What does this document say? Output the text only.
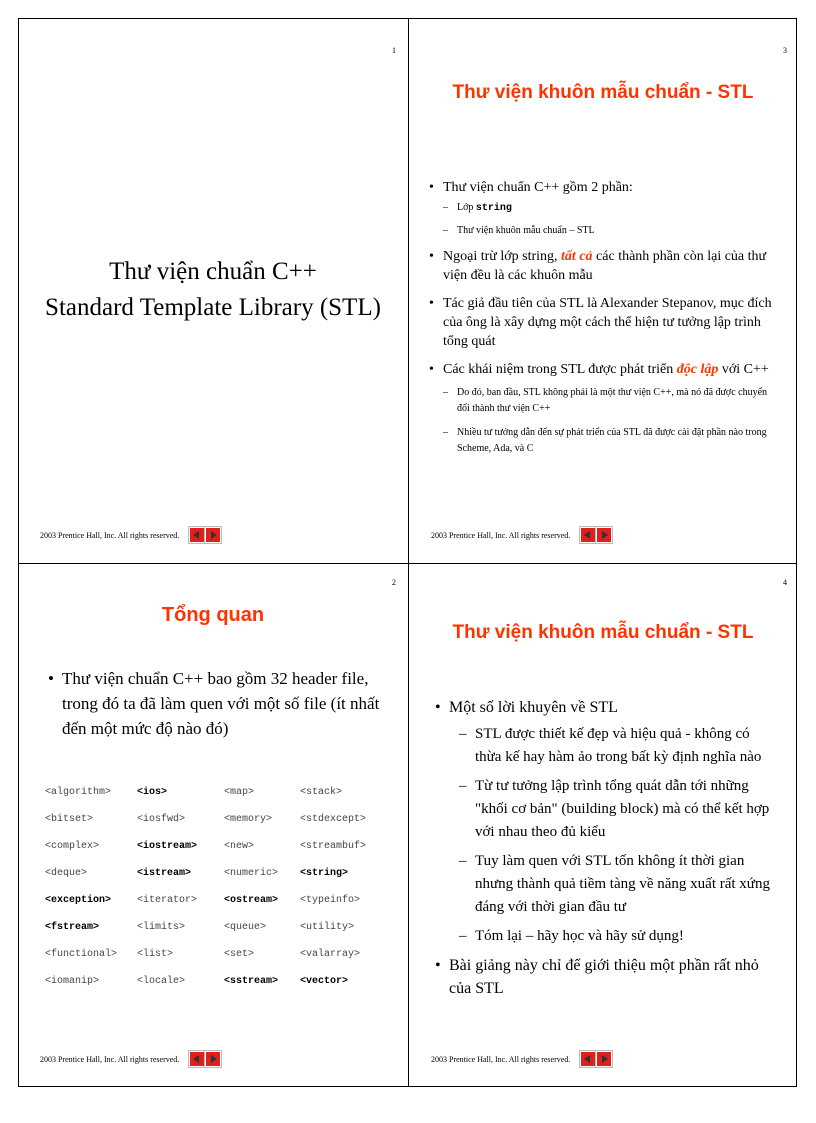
1
Thư viện chuẩn C++
Standard Template Library (STL)
2003 Prentice Hall, Inc. All rights reserved.
3
Thư viện khuôn mẫu chuẩn - STL
• Thư viện chuẩn C++ gồm 2 phần:
– Lớp string
– Thư viện khuôn mẫu chuẩn – STL
• Ngoại trừ lớp string, tất cả các thành phần còn lại của thư viện đều là các khuôn mẫu
• Tác giả đầu tiên của STL là Alexander Stepanov, mục đích của ông là xây dựng một cách thể hiện tư tưởng lập trình tổng quát
• Các khái niệm trong STL được phát triển độc lập với C++
– Do đó, ban đầu, STL không phải là một thư viện C++, mà nó đã được chuyển đổi thành thư viện C++
– Nhiều tư tưởng dẫn đến sự phát triển của STL đã được cài đặt phần nào trong Scheme, Ada, và C
2003 Prentice Hall, Inc. All rights reserved.
2
Tổng quan
• Thư viện chuẩn C++ bao gồm 32 header file, trong đó ta đã làm quen với một số file (ít nhất đến một mức độ nào đó)
<algorithm>	<ios>	<map>	<stack>
<bitset>	<iosfwd>	<memory>	<stdexcept>
<complex>	<iostream>	<new>	<streambuf>
<deque>	<istream>	<numeric>	<string>
<exception>	<iterator>	<ostream>	<typeinfo>
<fstream>	<limits>	<queue>	<utility>
<functional>	<list>	<set>	<valarray>
<iomanip>	<locale>	<sstream>	<vector>
2003 Prentice Hall, Inc. All rights reserved.
4
Thư viện khuôn mẫu chuẩn - STL
• Một số lời khuyên về STL
– STL được thiết kế đẹp và hiệu quả - không có thừa kế hay hàm ảo trong bất kỳ định nghĩa nào
– Từ tư tưởng lập trình tổng quát dẫn tới những "khối cơ bản" (building block) mà có thể kết hợp với nhau theo đủ kiểu
– Tuy làm quen với STL tốn không ít thời gian nhưng thành quả tiềm tàng về năng xuất rất xứng đáng với thời gian đầu tư
– Tóm lại – hãy học và hãy sử dụng!
• Bài giảng này chỉ để giới thiệu một phần rất nhỏ của STL
2003 Prentice Hall, Inc. All rights reserved.
